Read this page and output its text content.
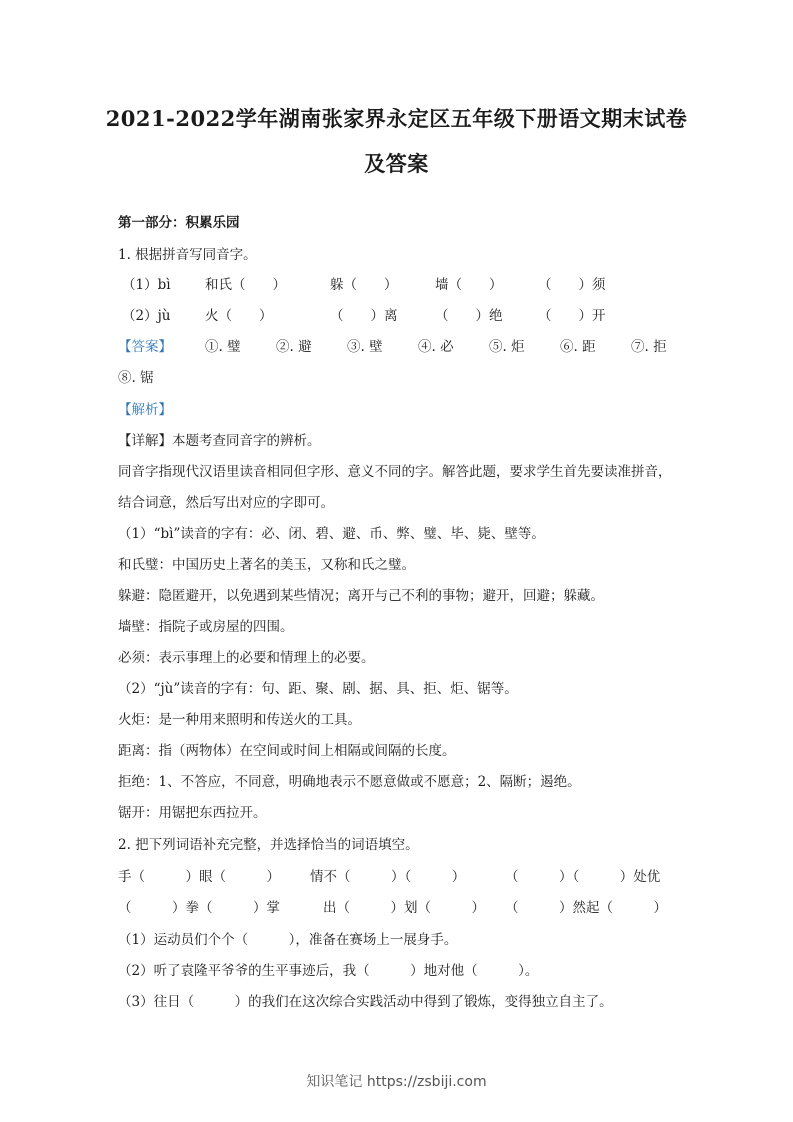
2021-2022学年湖南张家界永定区五年级下册语文期末试卷
及答案
第一部分：积累乐园
1. 根据拼音写同音字。
（1）bì	和氏（　　）	躲（　　）	墙（　　）	（　　）须
（2）jù	火（　　）	（　　）离	（　　）绝	（　　）开
【答案】 ①. 璧	②. 避	③. 壁	④. 必	⑤. 炬	⑥. 距	⑦. 拒
⑧. 锯
【解析】
【详解】本题考查同音字的辨析。
同音字指现代汉语里读音相同但字形、意义不同的字。解答此题，要求学生首先要读准拼音，
结合词意，然后写出对应的字即可。
（1）“bì”读音的字有：必、闭、碧、避、币、弊、璧、毕、毙、壁等。
和氏璧：中国历史上著名的美玉，又称和氏之璧。
躲避：隐匿避开，以免遇到某些情况；离开与己不利的事物；避开，回避；躲藏。
墙壁：指院子或房屋的四围。
必须：表示事理上的必要和情理上的必要。
（2）“jù”读音的字有：句、距、聚、剧、据、具、拒、炬、锯等。
火炬：是一种用来照明和传送火的工具。
距离：指（两物体）在空间或时间上相隔或间隔的长度。
拒绝：1、不答应，不同意，明确地表示不愿意做或不愿意；2、隔断；遏绝。
锯开：用锯把东西拉开。
2. 把下列词语补充完整，并选择恰当的词语填空。
手（　　　）眼（　　　） 情不（　　　）（　　　）	（　　　）（　　　）处优
（　　　）拳（　　　）掌	出（　　　）划（　　　） （　　　）然起（　　　）
（1）运动员们个个（　　　），准备在赛场上一展身手。
（2）听了袁隆平爷爷的生平事迹后，我（　　　）地对他（　　　）。
（3）往日（　　　）的我们在这次综合实践活动中得到了锻炼，变得独立自主了。
知识笔记 https://zsbiji.com
